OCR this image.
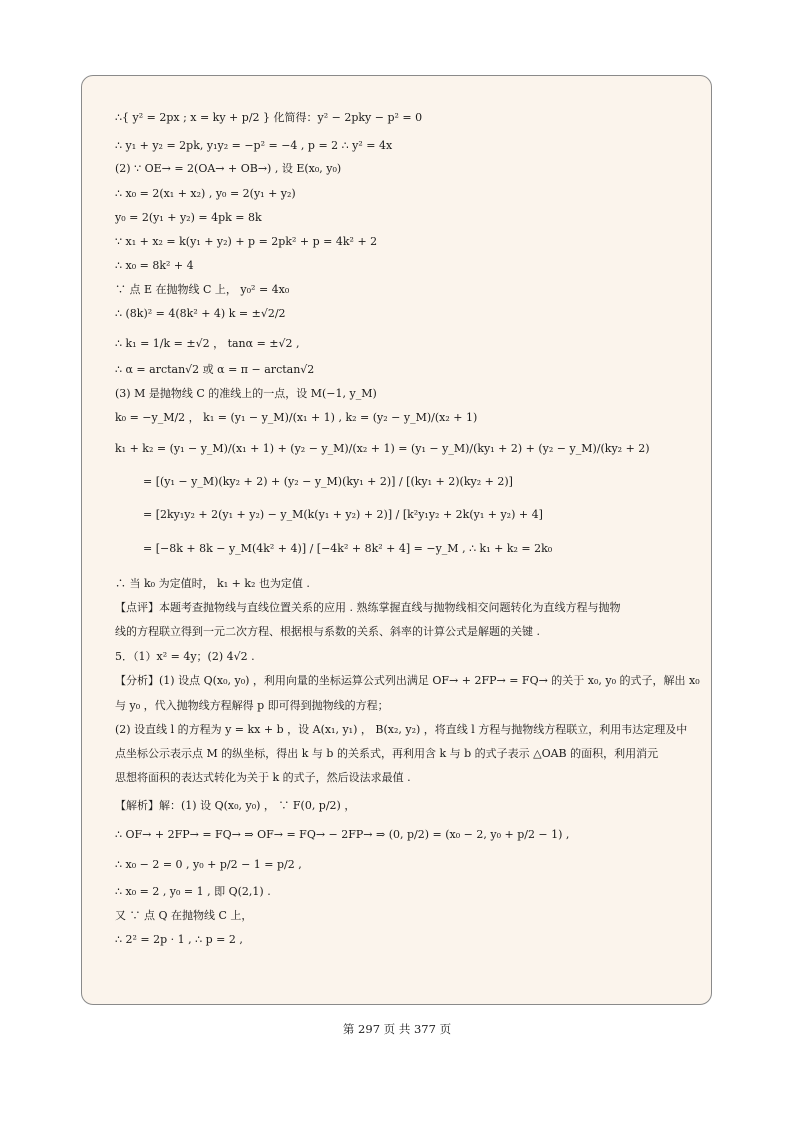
∴{ y² = 2px ; x = ky + p/2 } 化简得：y² − 2pky − p² = 0
∴ y₁ + y₂ = 2pk, y₁y₂ = −p² = −4 , p = 2 ∴ y² = 4x
(2) ∵ OE→ = 2(OA→ + OB→) , 设 E(x₀, y₀)
∴ x₀ = 2(x₁ + x₂) , y₀ = 2(y₁ + y₂)
y₀ = 2(y₁ + y₂) = 4pk = 8k
∵ x₁ + x₂ = k(y₁ + y₂) + p = 2pk² + p = 4k² + 2
∴ x₀ = 8k² + 4
∵ 点 E 在抛物线 C 上， y₀² = 4x₀
∴ (8k)² = 4(8k² + 4) k = ±√2/2
∴ k₁ = 1/k = ±√2 ， tanα = ±√2 ,
∴ α = arctan√2 或 α = π − arctan√2
(3) M 是抛物线 C 的准线上的一点，设 M(−1, y_M)
k₀ = −y_M/2 ， k₁ = (y₁ − y_M)/(x₁ + 1) , k₂ = (y₂ − y_M)/(x₂ + 1)
k₁ + k₂ = (y₁ − y_M)/(x₁ + 1) + (y₂ − y_M)/(x₂ + 1) = (y₁ − y_M)/(ky₁ + 2) + (y₂ − y_M)/(ky₂ + 2)
= [(y₁ − y_M)(ky₂ + 2) + (y₂ − y_M)(ky₁ + 2)] / [(ky₁ + 2)(ky₂ + 2)]
= [2ky₁y₂ + 2(y₁ + y₂) − y_M(k(y₁ + y₂) + 2)] / [k²y₁y₂ + 2k(y₁ + y₂) + 4]
= [−8k + 8k − y_M(4k² + 4)] / [−4k² + 8k² + 4] = −y_M , ∴ k₁ + k₂ = 2k₀
∴ 当 k₀ 为定值时， k₁ + k₂ 也为定值 .
【点评】本题考查抛物线与直线位置关系的应用 . 熟练掌握直线与抛物线相交问题转化为直线方程与抛物
线的方程联立得到一元二次方程、根据根与系数的关系、斜率的计算公式是解题的关键 .
5．（1）x² = 4y；(2) 4√2 .
【分析】(1) 设点 Q(x₀, y₀) ，利用向量的坐标运算公式列出满足 OF→ + 2FP→ = FQ→ 的关于 x₀, y₀ 的式子，解出 x₀
与 y₀ ，代入抛物线方程解得 p 即可得到抛物线的方程；
(2) 设直线 l 的方程为 y = kx + b ，设 A(x₁, y₁) ， B(x₂, y₂) ，将直线 l 方程与抛物线方程联立，利用韦达定理及中
点坐标公示表示点 M 的纵坐标，得出 k 与 b 的关系式，再利用含 k 与 b 的式子表示 △OAB 的面积，利用消元
思想将面积的表达式转化为关于 k 的式子，然后设法求最值 .
【解析】解：(1) 设 Q(x₀, y₀) ， ∵ F(0, p/2) ，
∴ OF→ + 2FP→ = FQ→ ⇒ OF→ = FQ→ − 2FP→ ⇒ (0, p/2) = (x₀ − 2, y₀ + p/2 − 1) ,
∴ x₀ − 2 = 0 , y₀ + p/2 − 1 = p/2 ,
∴ x₀ = 2 , y₀ = 1 , 即 Q(2,1) .
又 ∵ 点 Q 在抛物线 C 上，
∴ 2² = 2p · 1 , ∴ p = 2 ,
第 297 页 共 377 页
